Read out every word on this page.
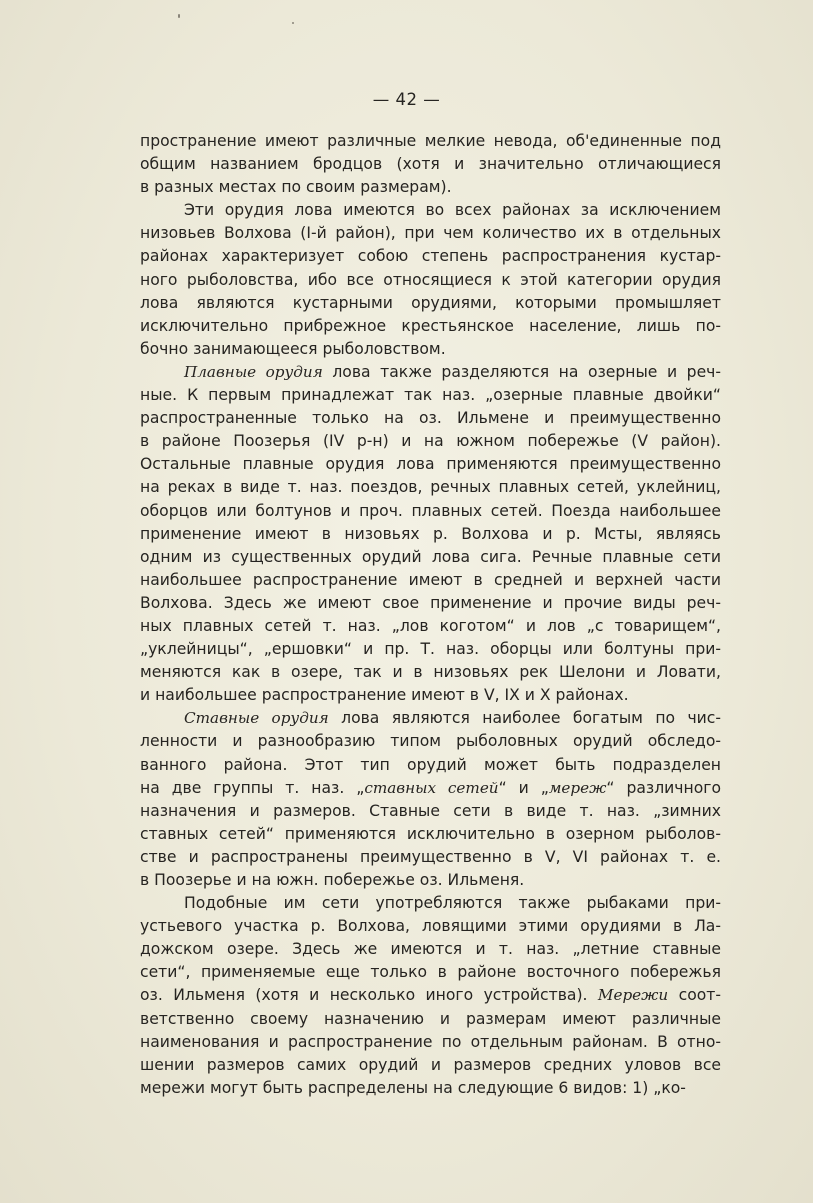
— 42 —
пространение имеют различные мелкие невода, об'единенные под
общим названием бродцов (хотя и значительно отличающиеся
в разных местах по своим размерам).
Эти орудия лова имеются во всех районах за исключением
низовьев Волхова (I-й район), при чем количество их в отдельных
районах характеризует собою степень распространения кустар-
ного рыболовства, ибо все относящиеся к этой категории орудия
лова являются кустарными орудиями, которыми промышляет
исключительно прибрежное крестьянское население, лишь по-
бочно занимающееся рыболовством.
Плавные орудия лова также разделяются на озерные и реч-
ные. К первым принадлежат так наз. „озерные плавные двойки“
распространенные только на оз. Ильмене и преимущественно
в районе Поозерья (IV р-н) и на южном побережье (V район).
Остальные плавные орудия лова применяются преимущественно
на реках в виде т. наз. поездов, речных плавных сетей, уклейниц,
оборцов или болтунов и проч. плавных сетей. Поезда наибольшее
применение имеют в низовьях р. Волхова и р. Мсты, являясь
одним из существенных орудий лова сига. Речные плавные сети
наибольшее распространение имеют в средней и верхней части
Волхова. Здесь же имеют свое применение и прочие виды реч-
ных плавных сетей т. наз. „лов коготом“ и лов „с товарищем“,
„уклейницы“, „ершовки“ и пр. Т. наз. оборцы или болтуны при-
меняются как в озере, так и в низовьях рек Шелони и Ловати,
и наибольшее распространение имеют в V, IX и X районах.
Ставные орудия лова являются наиболее богатым по чис-
ленности и разнообразию типом рыболовных орудий обследо-
ванного района. Этот тип орудий может быть подразделен
на две группы т. наз. „ставных сетей“ и „мереж“ различного
назначения и размеров. Ставные сети в виде т. наз. „зимних
ставных сетей“ применяются исключительно в озерном рыболов-
стве и распространены преимущественно в V, VI районах т. е.
в Поозерье и на южн. побережье оз. Ильменя.
Подобные им сети употребляются также рыбаками при-
устьевого участка р. Волхова, ловящими этими орудиями в Ла-
дожском озере. Здесь же имеются и т. наз. „летние ставные
сети“, применяемые еще только в районе восточного побережья
оз. Ильменя (хотя и несколько иного устройства). Мережи соот-
ветственно своему назначению и размерам имеют различные
наименования и распространение по отдельным районам. В отно-
шении размеров самих орудий и размеров средних уловов все
мережи могут быть распределены на следующие 6 видов: 1) „ко-
